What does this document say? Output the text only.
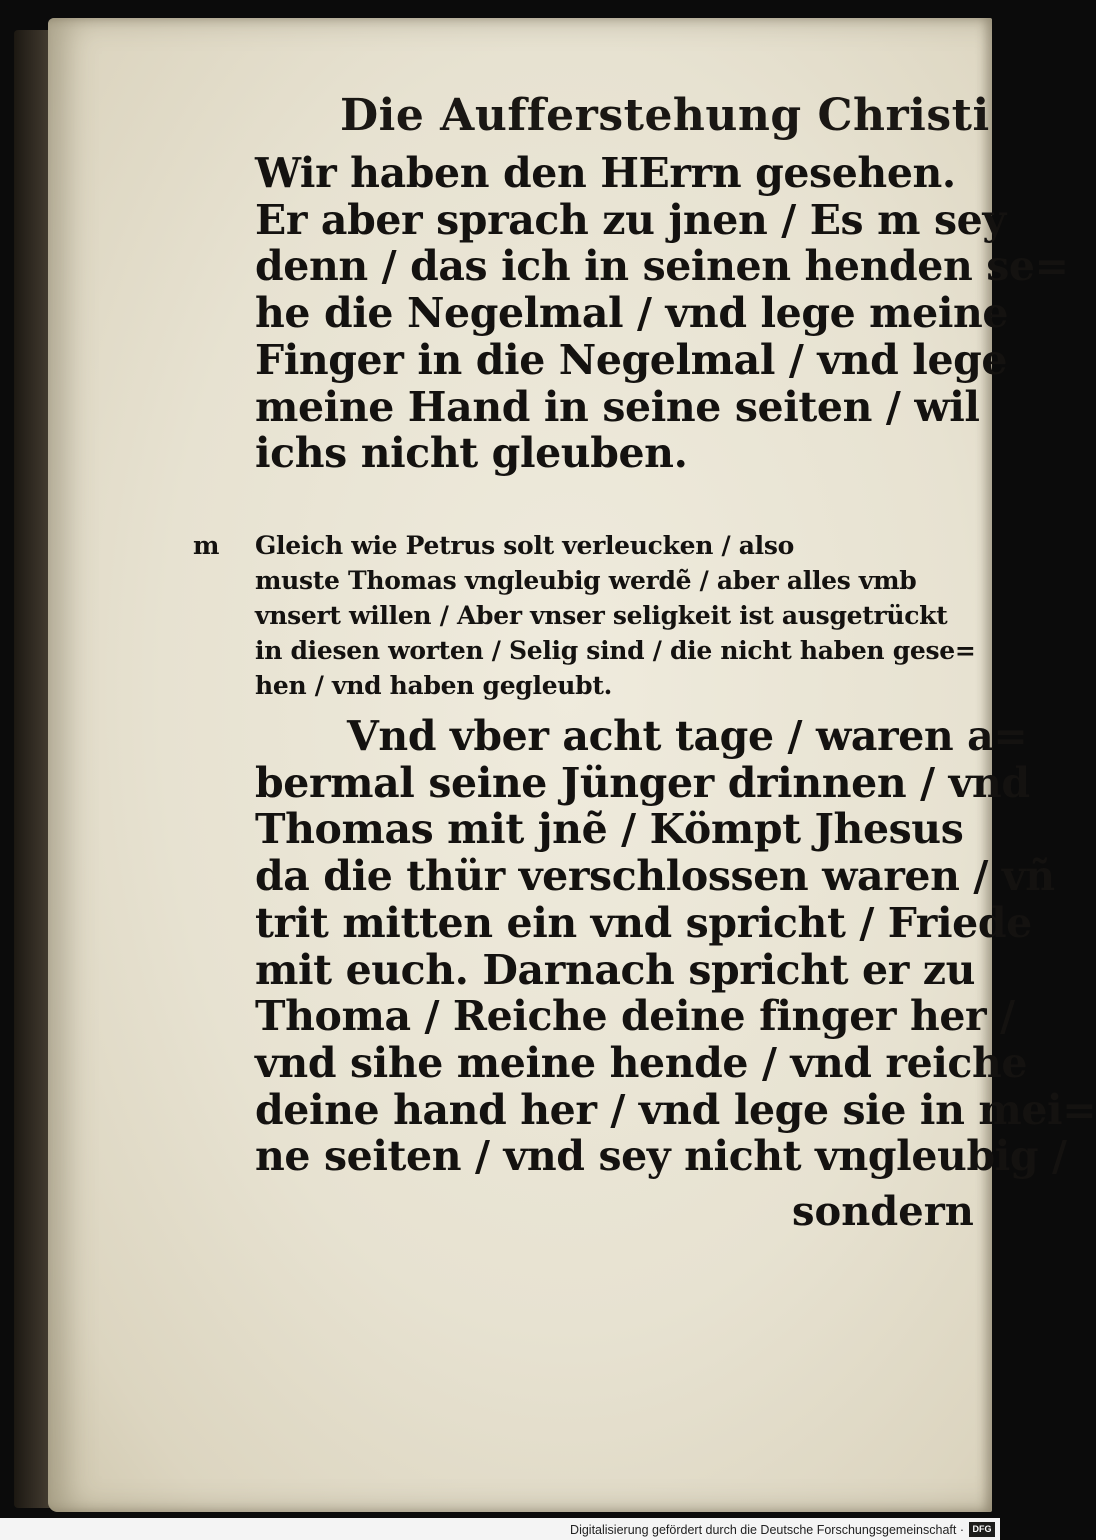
Die Aufferstehung Christi
Wir haben den HErrn gesehen.
Er aber sprach zu jnen / Es m sey
denn / das ich in seinen henden se=
he die Negelmal / vnd lege meine
Finger in die Negelmal / vnd lege
meine Hand in seine seiten / wil
ichs nicht gleuben.
m Gleich wie Petrus solt verleucken / also
muste Thomas vngleubig werdẽ / aber alles vmb
vnsert willen / Aber vnser seligkeit ist ausgetrückt
in diesen worten / Selig sind / die nicht haben gese=
hen / vnd haben gegleubt.
Vnd vber acht tage / waren a=
bermal seine Jünger drinnen / vnd
Thomas mit jnẽ / Kömpt Jhesus
da die thür verschlossen waren / vñ
trit mitten ein vnd spricht / Friede
mit euch. Darnach spricht er zu
Thoma / Reiche deine finger her /
vnd sihe meine hende / vnd reiche
deine hand her / vnd lege sie in mei=
ne seiten / vnd sey nicht vngleubig /
sondern
Digitalisierung gefördert durch die Deutsche Forschungsgemeinschaft · DFG
